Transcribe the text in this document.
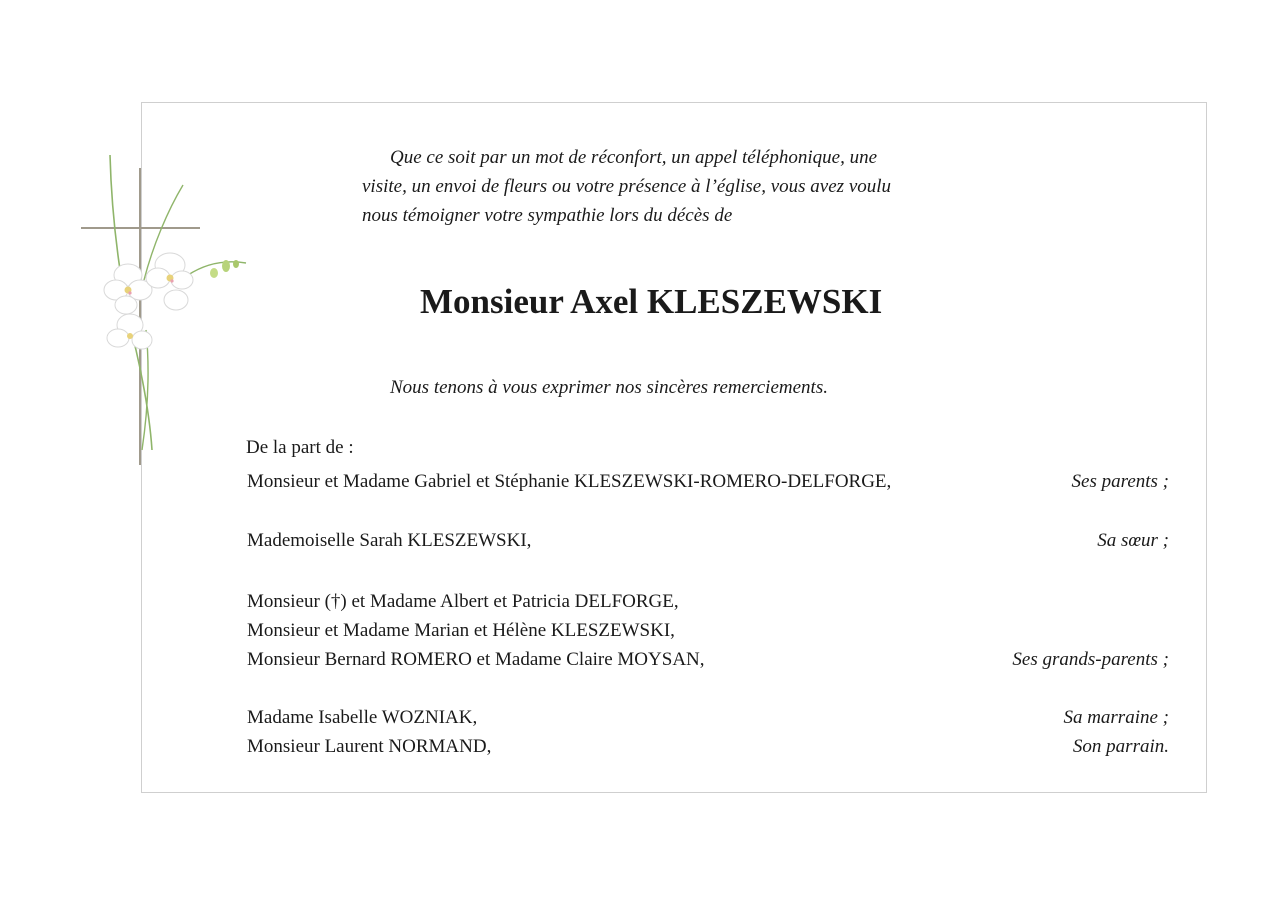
Que ce soit par un mot de réconfort, un appel téléphonique, une
visite, un envoi de fleurs ou votre présence à l’église, vous avez voulu
nous témoigner votre sympathie lors du décès de
Monsieur Axel KLESZEWSKI
Nous tenons à vous exprimer nos sincères remerciements.
De la part de :
Monsieur et Madame Gabriel et Stéphanie KLESZEWSKI-ROMERO-DELFORGE,	Ses parents ;
Mademoiselle Sarah KLESZEWSKI,	Sa sœur ;
Monsieur (†) et Madame Albert et Patricia DELFORGE,
Monsieur et Madame Marian et Hélène KLESZEWSKI,
Monsieur Bernard ROMERO et Madame Claire MOYSAN,	Ses grands-parents ;
Madame Isabelle WOZNIAK,	Sa marraine ;
Monsieur Laurent NORMAND,	Son parrain.
